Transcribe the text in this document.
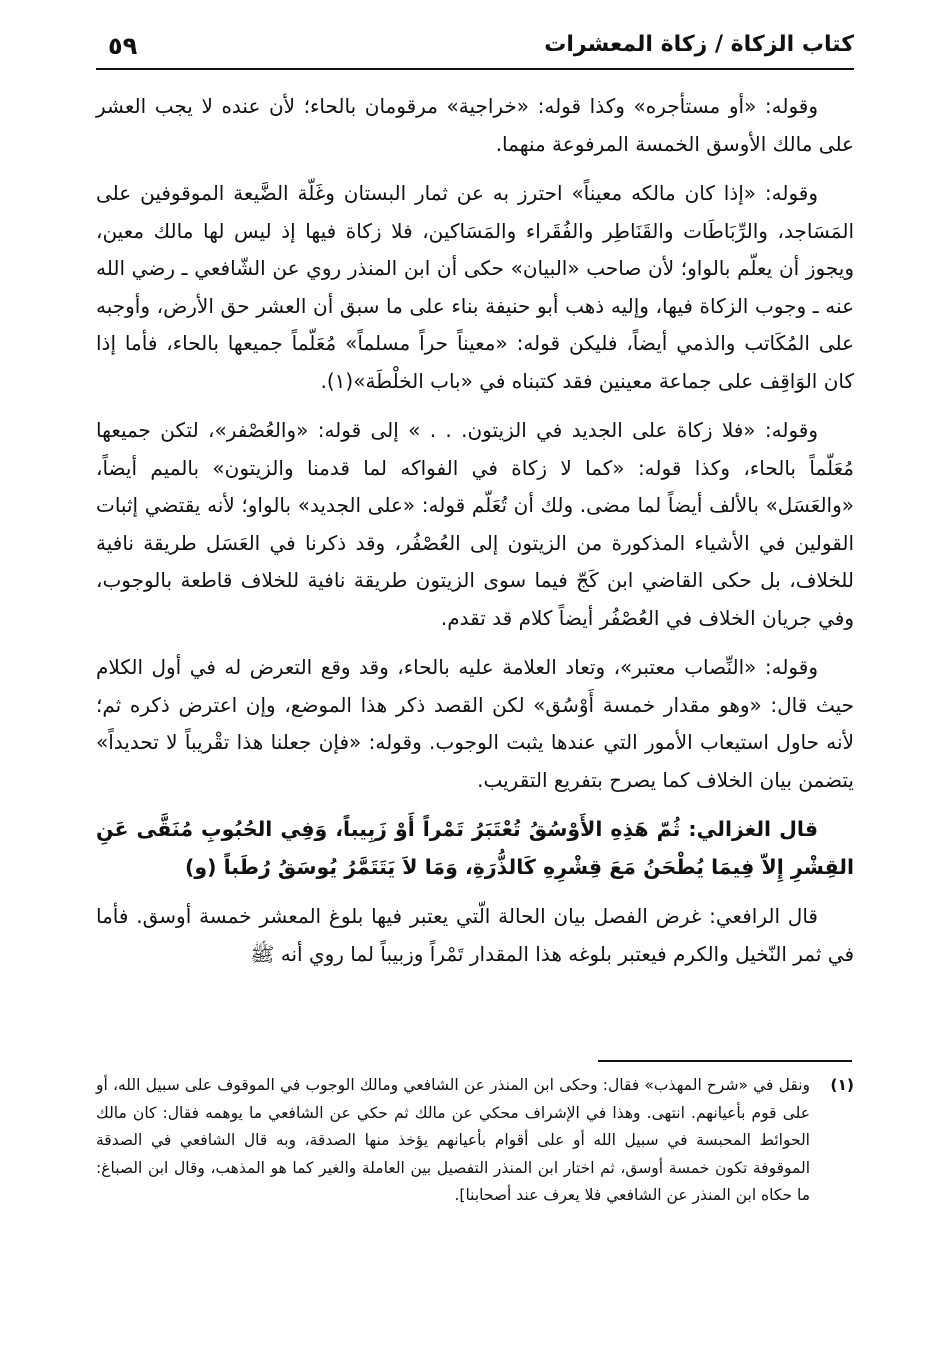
كتاب الزكاة / زكاة المعشرات
٥٩

وقوله: «أو مستأجره» وكذا قوله: «خراجية» مرقومان بالحاء؛ لأن عنده لا يجب العشر على مالك الأوسق الخمسة المرفوعة منهما.

وقوله: «إذا كان مالكه معيناً» احترز به عن ثمار البستان وغَلّة الضَّيعة الموقوفين على المَسَاجد، والرِّبَاطَات والقَنَاطِر والفُقَراء والمَسَاكين، فلا زكاة فيها إذ ليس لها مالك معين، ويجوز أن يعلّم بالواو؛ لأن صاحب «البيان» حكى أن ابن المنذر روي عن الشّافعي ـ رضي الله عنه ـ وجوب الزكاة فيها، وإليه ذهب أبو حنيفة بناء على ما سبق أن العشر حق الأرض، وأوجبه على المُكَاتب والذمي أيضاً، فليكن قوله: «معيناً حراً مسلماً» مُعَلّماً جميعها بالحاء، فأما إذا كان الوَاقِف على جماعة معينين فقد كتبناه في «باب الخلْطَة»(١).

وقوله: «فلا زكاة على الجديد في الزيتون. . . » إلى قوله: «والعُصْفر»، لتكن جميعها مُعَلّماً بالحاء، وكذا قوله: «كما لا زكاة في الفواكه لما قدمنا والزيتون» بالميم أيضاً، «والعَسَل» بالألف أيضاً لما مضى. ولك أن تُعَلّم قوله: «على الجديد» بالواو؛ لأنه يقتضي إثبات القولين في الأشياء المذكورة من الزيتون إلى العُصْفُر، وقد ذكرنا في العَسَل طريقة نافية للخلاف، بل حكى القاضي ابن كَجّ فيما سوى الزيتون طريقة نافية للخلاف قاطعة بالوجوب، وفي جريان الخلاف في العُصْفُر أيضاً كلام قد تقدم.

وقوله: «النِّصاب معتبر»، وتعاد العلامة عليه بالحاء، وقد وقع التعرض له في أول الكلام حيث قال: «وهو مقدار خمسة أَوْسُق» لكن القصد ذكر هذا الموضع، وإن اعترض ذكره ثم؛ لأنه حاول استيعاب الأمور التي عندها يثبت الوجوب. وقوله: «فإن جعلنا هذا تقْريباً لا تحديداً» يتضمن بيان الخلاف كما يصرح بتفريع التقريب.

قال الغزالي: ثُمّ هَذِهِ الأَوْسُقُ تُعْتَبَرُ تَمْراً أَوْ زَبِيباً، وَفِي الحُبُوبِ مُنَقَّى عَنِ القِشْرِ إِلاّ فِيمَا يُطْحَنُ مَعَ قِشْرِهِ كَالذُّرَةِ، وَمَا لاَ يَتَتَمَّرُ يُوسَقُ رُطَباً (و)

قال الرافعي: غرض الفصل بيان الحالة الّتي يعتبر فيها بلوغ المعشر خمسة أوسق. فأما في ثمر النّخيل والكرم فيعتبر بلوغه هذا المقدار تَمْراً وزبيباً لما روي أنه ﷺ

(١)
ونقل في «شرح المهذب» فقال: وحكى ابن المنذر عن الشافعي ومالك الوجوب في الموقوف على سبيل الله، أو على قوم بأعيانهم. انتهى. وهذا في الإشراف محكي عن مالك ثم حكي عن الشافعي ما يوهمه فقال: كان مالك الحوائط المحبسة في سبيل الله أو على أقوام بأعيانهم يؤخذ منها الصدقة، وبه قال الشافعي في الصدقة الموقوفة تكون خمسة أوسق، ثم اختار ابن المنذر التفصيل بين العاملة والغير كما هو المذهب، وقال ابن الصباغ: ما حكاه ابن المنذر عن الشافعي فلا يعرف عند أصحابنا].
